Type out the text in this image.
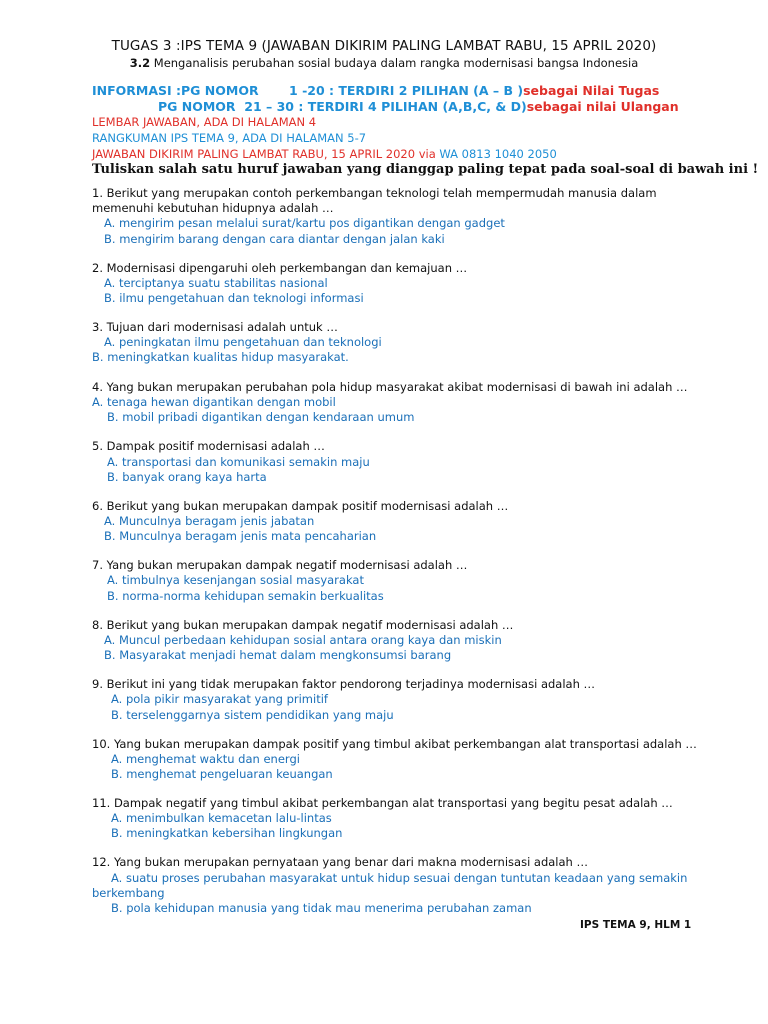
TUGAS 3 :IPS TEMA 9 (JAWABAN DIKIRIM PALING LAMBAT RABU, 15 APRIL 2020)
3.2 Menganalisis perubahan sosial budaya dalam rangka modernisasi bangsa Indonesia
INFORMASI :PG NOMOR       1 -20 : TERDIRI 2 PILIHAN (A – B )sebagai Nilai Tugas
PG NOMOR  21 – 30 : TERDIRI 4 PILIHAN (A,B,C, & D)sebagai nilai Ulangan
LEMBAR JAWABAN, ADA DI HALAMAN 4
RANGKUMAN IPS TEMA 9, ADA DI HALAMAN 5-7
JAWABAN DIKIRIM PALING LAMBAT RABU, 15 APRIL 2020 via WA 0813 1040 2050
Tuliskan salah satu huruf jawaban yang dianggap paling tepat pada soal-soal di bawah ini !
1. Berikut yang merupakan contoh perkembangan teknologi telah mempermudah manusia dalam
memenuhi kebutuhan hidupnya adalah …
A. mengirim pesan melalui surat/kartu pos digantikan dengan gadget
B. mengirim barang dengan cara diantar dengan jalan kaki
2. Modernisasi dipengaruhi oleh perkembangan dan kemajuan …
A. terciptanya suatu stabilitas nasional
B. ilmu pengetahuan dan teknologi informasi
3. Tujuan dari modernisasi adalah untuk …
A. peningkatan ilmu pengetahuan dan teknologi
B. meningkatkan kualitas hidup masyarakat.
4. Yang bukan merupakan perubahan pola hidup masyarakat akibat modernisasi di bawah ini adalah …
A. tenaga hewan digantikan dengan mobil
B. mobil pribadi digantikan dengan kendaraan umum
5. Dampak positif modernisasi adalah …
A. transportasi dan komunikasi semakin maju
B. banyak orang kaya harta
6. Berikut yang bukan merupakan dampak positif modernisasi adalah …
A. Munculnya beragam jenis jabatan
B. Munculnya beragam jenis mata pencaharian
7. Yang bukan merupakan dampak negatif modernisasi adalah …
A. timbulnya kesenjangan sosial masyarakat
B. norma-norma kehidupan semakin berkualitas
8. Berikut yang bukan merupakan dampak negatif modernisasi adalah …
A. Muncul perbedaan kehidupan sosial antara orang kaya dan miskin
B. Masyarakat menjadi hemat dalam mengkonsumsi barang
9. Berikut ini yang tidak merupakan faktor pendorong terjadinya modernisasi adalah …
A. pola pikir masyarakat yang primitif
B. terselenggarnya sistem pendidikan yang maju
10. Yang bukan merupakan dampak positif yang timbul akibat perkembangan alat transportasi adalah …
A. menghemat waktu dan energi
B. menghemat pengeluaran keuangan
11. Dampak negatif yang timbul akibat perkembangan alat transportasi yang begitu pesat adalah …
A. menimbulkan kemacetan lalu-lintas
B. meningkatkan kebersihan lingkungan
12. Yang bukan merupakan pernyataan yang benar dari makna modernisasi adalah …
A. suatu proses perubahan masyarakat untuk hidup sesuai dengan tuntutan keadaan yang semakin
berkembang
B. pola kehidupan manusia yang tidak mau menerima perubahan zaman
IPS TEMA 9, HLM 1
